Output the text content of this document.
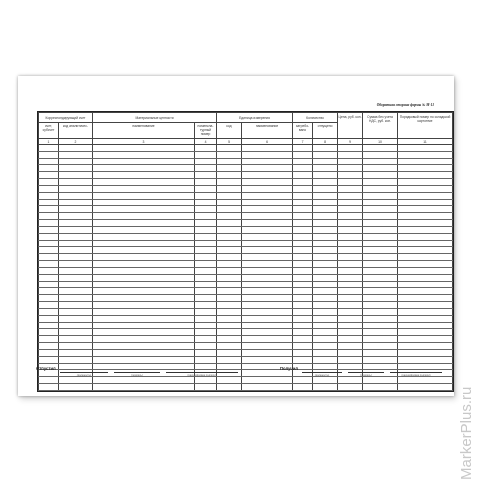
Оборотная сторона формы № М-11
Корреспондирующий счет		Материальные ценности		Единица измерения		Количество		Цена, руб. коп.	Сумма без учета НДС, руб. коп.	Порядковый номер по складской картотеке
счет, субсчет	код аналитичес-	наименование	номенкла-турный номер	код	наименование	затребо-вано	отпущено			
1	2	3	4	5	6	7	8	9	10	11

Отпустил
(должность)	(подпись)	(расшифровка подписи)
Получил
(должность)	(подпись)	(расшифровка подписи)
MarkerPlus.ru
